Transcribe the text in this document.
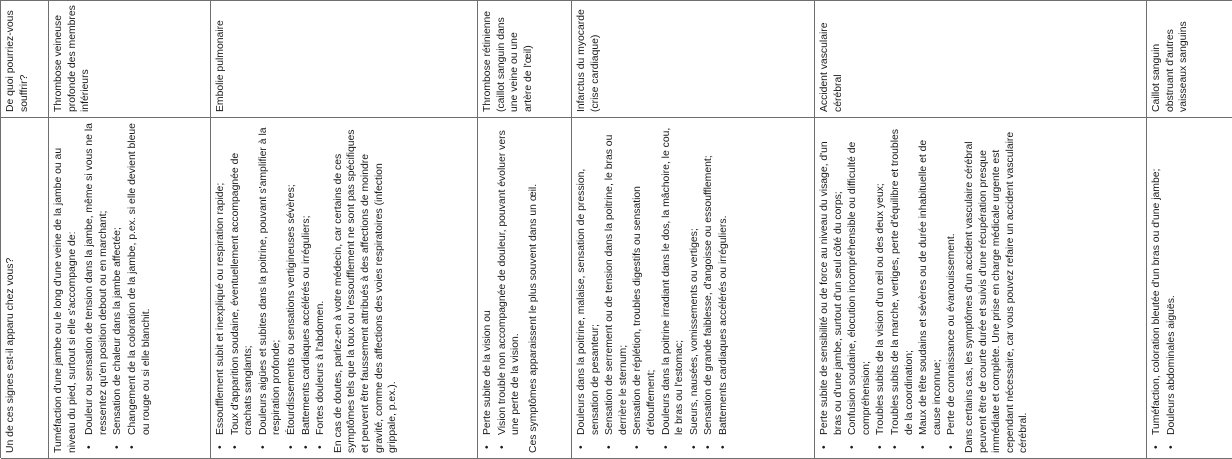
De quoi pourriez-vous souffrir?	Thrombose veineuse profonde des membres inférieurs	Embolie pulmonaire	Thrombose rétinienne (caillot sanguin dans une veine ou une artère de l'œil)	Infarctus du myocarde (crise cardiaque)	Accident vasculaire cérébral	Caillot sanguin obstruant d'autres vaisseaux sanguins
Un de ces signes est-il apparu chez vous?	Tuméfaction d'une jambe ou le long d'une veine de la jambe ou au niveau du pied, surtout si elle s'accompagne de: • Douleur ou sensation de tension dans la jambe, même si vous ne la ressentez qu'en position debout ou en marchant; • Sensation de chaleur dans la jambe affectée; • Changement de la coloration de la jambe, p.ex. si elle devient bleue ou rouge ou si elle blanchit.	• Essoufflement subit et inexpliqué ou respiration rapide; • Toux d'apparition soudaine, éventuellement accompagnée de crachats sanglants; • Douleurs aigües et subites dans la poitrine, pouvant s'amplifier à la respiration profonde; • Étourdissements ou sensations vertigineuses sévères; • Battements cardiaques accélérés ou irréguliers; • Fortes douleurs à l'abdomen. En cas de doutes, parlez-en à votre médecin, car certains de ces symptômes tels que la toux ou l'essoufflement ne sont pas spécifiques et peuvent être faussement attribués à des affections de moindre gravité, comme des affections des voies respiratoires (infection grippale, p.ex.).	• Perte subite de la vision ou • Vision trouble non accompagnée de douleur, pouvant évoluer vers une perte de la vision. Ces symptômes apparaissent le plus souvent dans un œil.	• Douleurs dans la poitrine, malaise, sensation de pression, sensation de pesanteur; • Sensation de serrement ou de tension dans la poitrine, le bras ou derrière le sternum; • Sensation de réplétion, troubles digestifs ou sensation d'étouffement; • Douleurs dans la poitrine irradiant dans le dos, la mâchoire, le cou, le bras ou l'estomac; • Sueurs, nausées, vomissements ou vertiges; • Sensation de grande faiblesse, d'angoisse ou essoufflement; • Battements cardiaques accélérés ou irréguliers.	• Perte subite de sensibilité ou de force au niveau du visage, d'un bras ou d'une jambe, surtout d'un seul côté du corps; • Confusion soudaine, élocution incompréhensible ou difficulté de compréhension; • Troubles subits de la vision d'un œil ou des deux yeux; • Troubles subits de la marche, vertiges, perte d'équilibre et troubles de la coordination; • Maux de tête soudains et sévères ou de durée inhabituelle et de cause inconnue; • Perte de connaissance ou évanouissement. Dans certains cas, les symptômes d'un accident vasculaire cérébral peuvent être de courte durée et suivis d'une récupération presque immédiate et complète. Une prise en charge médicale urgente est cependant nécessaire, car vous pouvez refaire un accident vasculaire cérébral.	• Tuméfaction, coloration bleutée d'un bras ou d'une jambe; • Douleurs abdominales aiguës.
